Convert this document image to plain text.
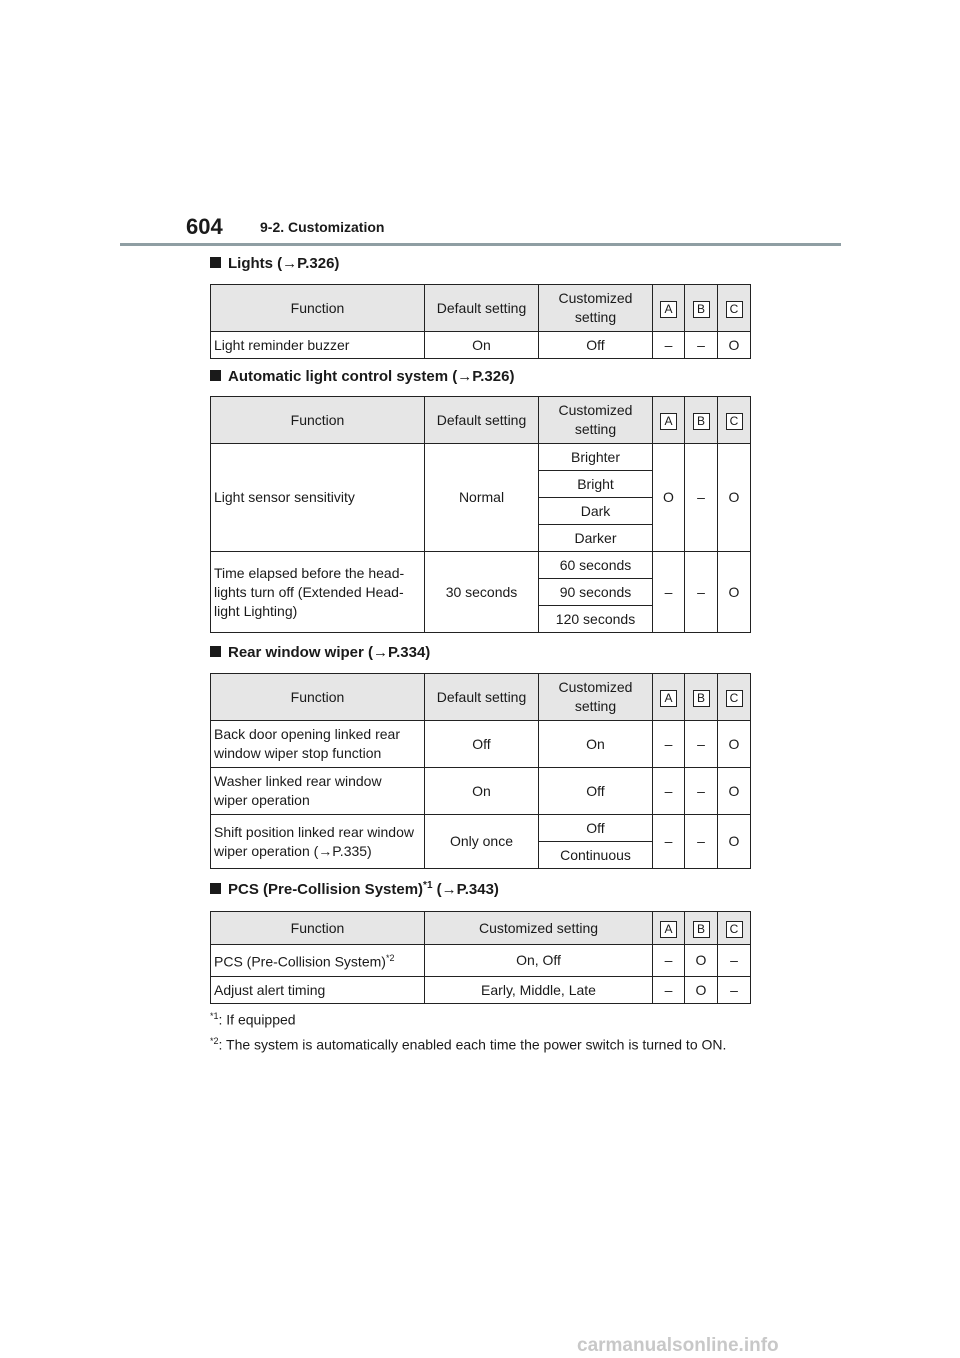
604	9-2. Customization
Lights (→P.326)
Function	Default setting	Customized setting	A	B	C
Light reminder buzzer	On	Off	–	–	O
Automatic light control system (→P.326)
Function	Default setting	Customized setting	A	B	C
Light sensor sensitivity	Normal	Brighter	O	–	O
		Bright			
		Dark			
		Darker			

Time elapsed before the head-
lights turn off (Extended Head-
light Lighting)	30 seconds	60 seconds	–	–	O
		90 seconds			
		120 seconds			
Rear window wiper (→P.334)
Function	Default setting	Customized setting	A	B	C

Back door opening linked rear
window wiper stop function	Off	On	–	–	O

Washer linked rear window
wiper operation	On	Off	–	–	O

Shift position linked rear window
wiper operation (→P.335)	Only once	Off	–	–	O
		Continuous			
PCS (Pre-Collision System)$^{*1}$ (→P.343)
Function	Customized setting	A	B	C
PCS (Pre-Collision System)$^{*2}$	On, Off	–	O	–
Adjust alert timing	Early, Middle, Late	–	O	–
$^{*1}$: If equipped
$^{*2}$: The system is automatically enabled each time the power switch is turned to ON.
carmanualsonline.info
